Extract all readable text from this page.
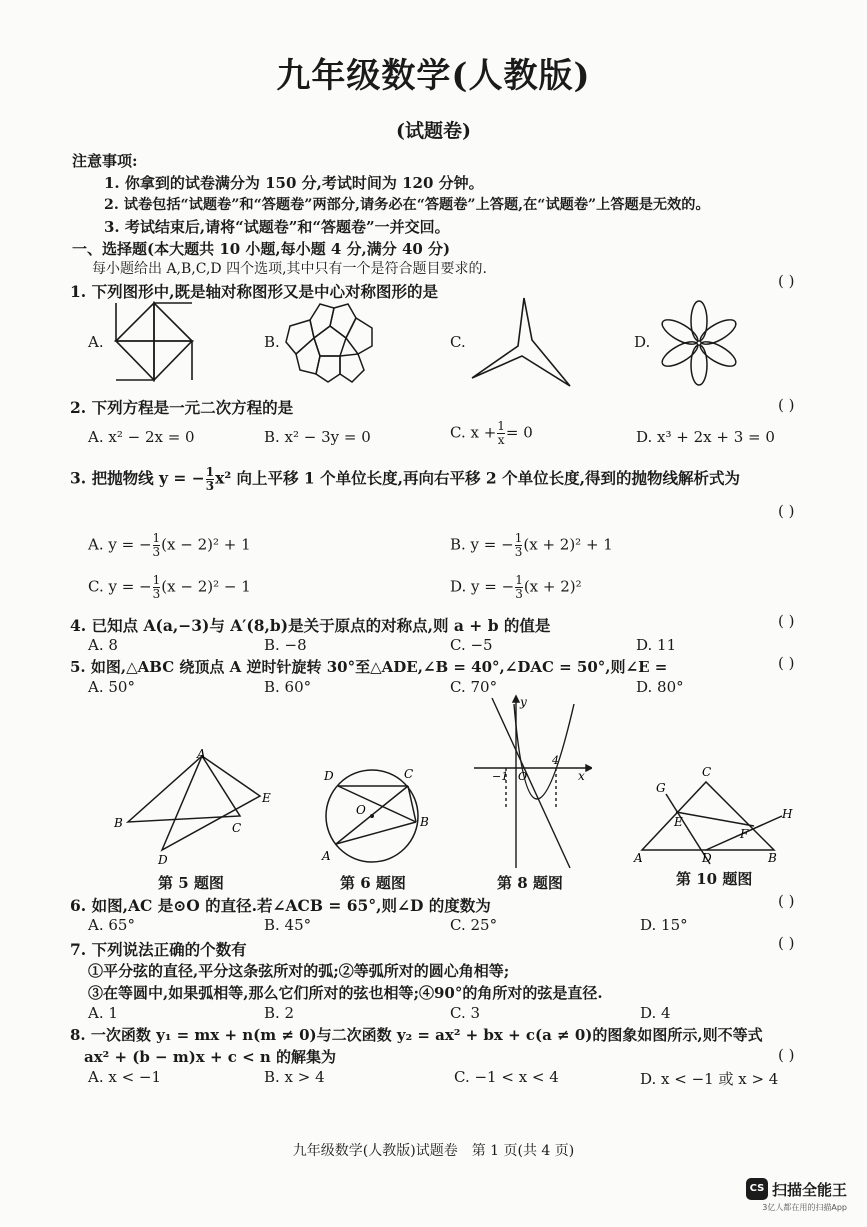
九年级数学(人教版)
(试题卷)
注意事项:
1. 你拿到的试卷满分为 150 分,考试时间为 120 分钟。
2. 试卷包括“试题卷”和“答题卷”两部分,请务必在“答题卷”上答题,在“试题卷”上答题是无效的。
3. 考试结束后,请将“试题卷”和“答题卷”一并交回。
一、选择题(本大题共 10 小题,每小题 4 分,满分 40 分)
每小题给出 A,B,C,D 四个选项,其中只有一个是符合题目要求的.
1. 下列图形中,既是轴对称图形又是中心对称图形的是
( )
A.	B.	C.	D.
2. 下列方程是一元二次方程的是	( )
A. x² − 2x = 0	B. x² − 3y = 0	C. $x + \frac{1}{x} = 0$	D. x³ + 2x + 3 = 0
3. 把抛物线 y = − $\frac{1}{3} x^2$ 向上平移 1 个单位长度,再向右平移 2 个单位长度,得到的抛物线解析式为
( )
A. y = − $\frac{1}{3} (x - 2)^2 + 1$	B. y = − $\frac{1}{3} (x + 2)^2 + 1$
C. y = − $\frac{1}{3} (x - 2)^2 - 1$	D. y = − $\frac{1}{3} (x + 2)^2$
4. 已知点 A(a,−3)与 A′(8,b)是关于原点的对称点,则 a + b 的值是	( )
A. 8	B. −8	C. −5	D. 11
5. 如图,△ABC 绕顶点 A 逆时针旋转 30°至△ADE,∠B = 40°,∠DAC = 50°,则∠E =	( )
A. 50°	B. 60°	C. 70°	D. 80°
A
B	C
D
E
第 5 题图
D	C
O
B
A
第 6 题图
y
x
−1 O
4
第 8 题图
C
G
E
F
H
A	D	B
第 10 题图
6. 如图,AC 是⊙O 的直径.若∠ACB = 65°,则∠D 的度数为	( )
A. 65°	B. 45°	C. 25°	D. 15°
7. 下列说法正确的个数有	( )
①平分弦的直径,平分这条弦所对的弧;②等弧所对的圆心角相等;
③在等圆中,如果弧相等,那么它们所对的弦也相等;④90°的角所对的弦是直径.
A. 1	B. 2	C. 3	D. 4
8. 一次函数 y₁ = mx + n(m ≠ 0)与二次函数 y₂ = ax² + bx + c(a ≠ 0)的图象如图所示,则不等式
ax² + (b − m)x + c < n 的解集为	( )
A. x < −1	B. x > 4	C. −1 < x < 4	D. x < −1 或 x > 4
九年级数学(人教版)试题卷　第 1 页(共 4 页)
CS 扫描全能王
3亿人都在用的扫描App
